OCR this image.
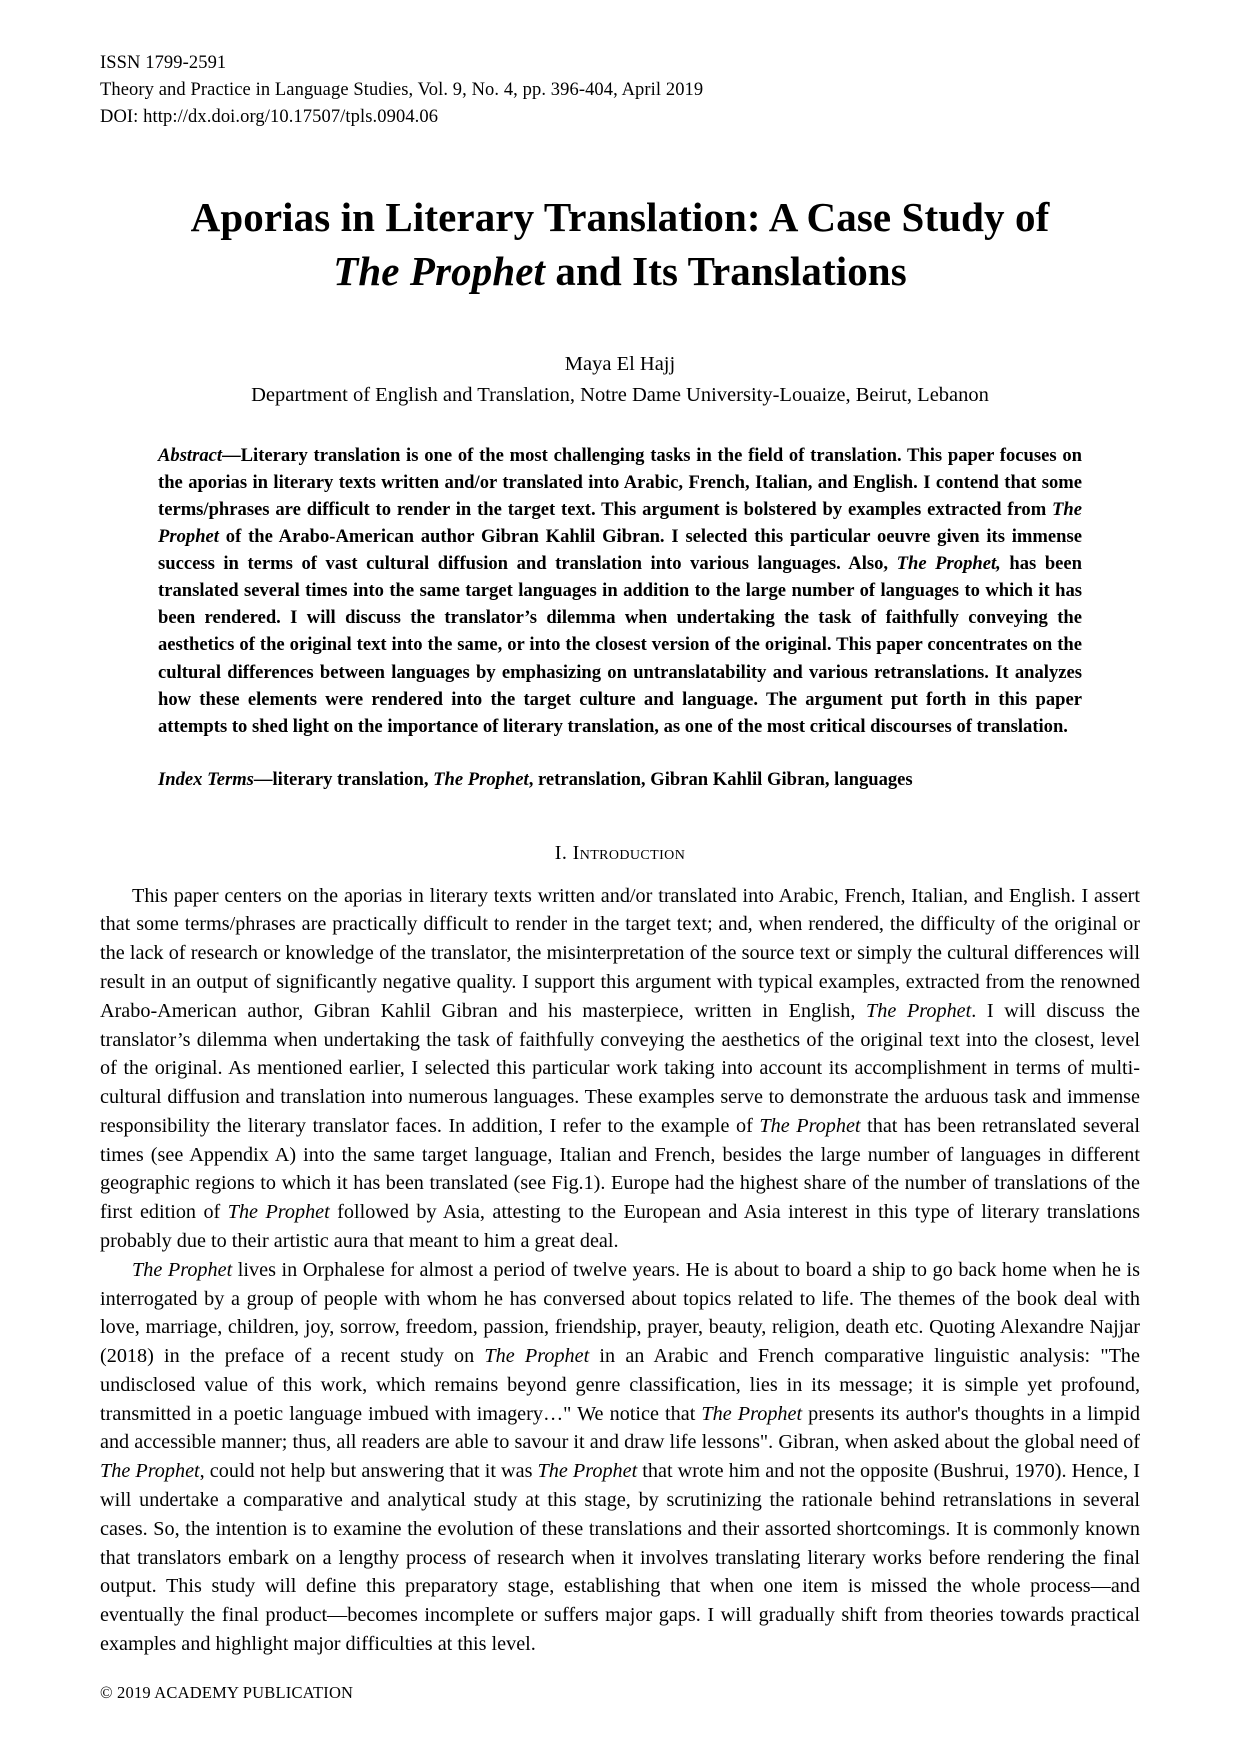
ISSN 1799-2591
Theory and Practice in Language Studies, Vol. 9, No. 4, pp. 396-404, April 2019
DOI: http://dx.doi.org/10.17507/tpls.0904.06
Aporias in Literary Translation: A Case Study of
The Prophet and Its Translations
Maya El Hajj
Department of English and Translation, Notre Dame University-Louaize, Beirut, Lebanon
Abstract—Literary translation is one of the most challenging tasks in the field of translation. This paper focuses on the aporias in literary texts written and/or translated into Arabic, French, Italian, and English. I contend that some terms/phrases are difficult to render in the target text. This argument is bolstered by examples extracted from The Prophet of the Arabo-American author Gibran Kahlil Gibran. I selected this particular oeuvre given its immense success in terms of vast cultural diffusion and translation into various languages. Also, The Prophet, has been translated several times into the same target languages in addition to the large number of languages to which it has been rendered. I will discuss the translator’s dilemma when undertaking the task of faithfully conveying the aesthetics of the original text into the same, or into the closest version of the original. This paper concentrates on the cultural differences between languages by emphasizing on untranslatability and various retranslations. It analyzes how these elements were rendered into the target culture and language. The argument put forth in this paper attempts to shed light on the importance of literary translation, as one of the most critical discourses of translation.
Index Terms—literary translation, The Prophet, retranslation, Gibran Kahlil Gibran, languages
I. Introduction

This paper centers on the aporias in literary texts written and/or translated into Arabic, French, Italian, and English. I assert that some terms/phrases are practically difficult to render in the target text; and, when rendered, the difficulty of the original or the lack of research or knowledge of the translator, the misinterpretation of the source text or simply the cultural differences will result in an output of significantly negative quality. I support this argument with typical examples, extracted from the renowned Arabo-American author, Gibran Kahlil Gibran and his masterpiece, written in English, The Prophet. I will discuss the translator’s dilemma when undertaking the task of faithfully conveying the aesthetics of the original text into the closest, level of the original. As mentioned earlier, I selected this particular work taking into account its accomplishment in terms of multi-cultural diffusion and translation into numerous languages. These examples serve to demonstrate the arduous task and immense responsibility the literary translator faces. In addition, I refer to the example of The Prophet that has been retranslated several times (see Appendix A) into the same target language, Italian and French, besides the large number of languages in different geographic regions to which it has been translated (see Fig.1). Europe had the highest share of the number of translations of the first edition of The Prophet followed by Asia, attesting to the European and Asia interest in this type of literary translations probably due to their artistic aura that meant to him a great deal.

The Prophet lives in Orphalese for almost a period of twelve years. He is about to board a ship to go back home when he is interrogated by a group of people with whom he has conversed about topics related to life. The themes of the book deal with love, marriage, children, joy, sorrow, freedom, passion, friendship, prayer, beauty, religion, death etc. Quoting Alexandre Najjar (2018) in the preface of a recent study on The Prophet in an Arabic and French comparative linguistic analysis: "The undisclosed value of this work, which remains beyond genre classification, lies in its message; it is simple yet profound, transmitted in a poetic language imbued with imagery…" We notice that The Prophet presents its author's thoughts in a limpid and accessible manner; thus, all readers are able to savour it and draw life lessons". Gibran, when asked about the global need of The Prophet, could not help but answering that it was The Prophet that wrote him and not the opposite (Bushrui, 1970). Hence, I will undertake a comparative and analytical study at this stage, by scrutinizing the rationale behind retranslations in several cases. So, the intention is to examine the evolution of these translations and their assorted shortcomings. It is commonly known that translators embark on a lengthy process of research when it involves translating literary works before rendering the final output. This study will define this preparatory stage, establishing that when one item is missed the whole process—and eventually the final product—becomes incomplete or suffers major gaps. I will gradually shift from theories towards practical examples and highlight major difficulties at this level.

© 2019 ACADEMY PUBLICATION
